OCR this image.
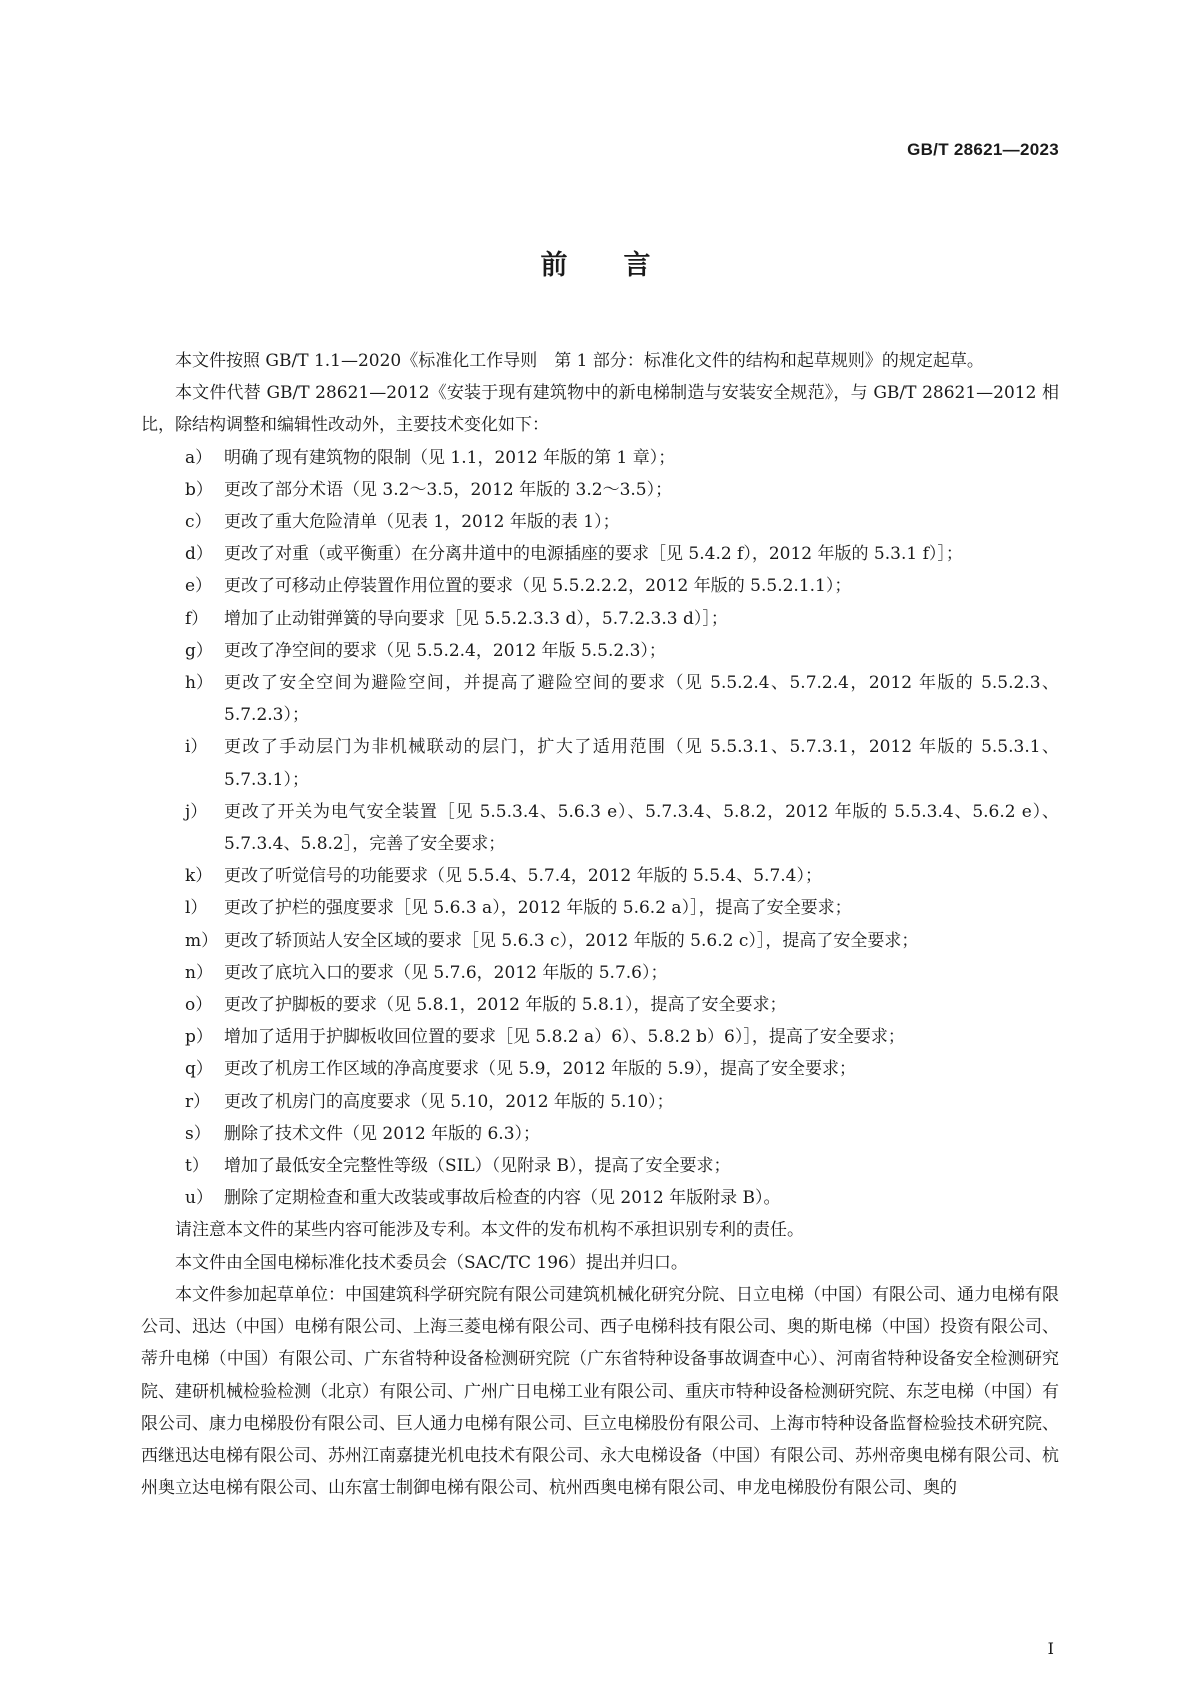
GB/T 28621—2023
前言

本文件按照 GB/T 1.1—2020《标准化工作导则　第 1 部分：标准化文件的结构和起草规则》的规定起草。

本文件代替 GB/T 28621—2012《安装于现有建筑物中的新电梯制造与安装安全规范》，与 GB/T 28621—2012 相比，除结构调整和编辑性改动外，主要技术变化如下：

a） 明确了现有建筑物的限制（见 1.1，2012 年版的第 1 章）；
b） 更改了部分术语（见 3.2～3.5，2012 年版的 3.2～3.5）；
c） 更改了重大危险清单（见表 1，2012 年版的表 1）；
d） 更改了对重（或平衡重）在分离井道中的电源插座的要求［见 5.4.2 f），2012 年版的 5.3.1 f）］；
e） 更改了可移动止停装置作用位置的要求（见 5.5.2.2.2，2012 年版的 5.5.2.1.1）；
f） 增加了止动钳弹簧的导向要求［见 5.5.2.3.3 d），5.7.2.3.3 d）］；
g） 更改了净空间的要求（见 5.5.2.4，2012 年版 5.5.2.3）；
h） 更改了安全空间为避险空间，并提高了避险空间的要求（见 5.5.2.4、5.7.2.4，2012 年版的 5.5.2.3、5.7.2.3）；
i） 更改了手动层门为非机械联动的层门，扩大了适用范围（见 5.5.3.1、5.7.3.1，2012 年版的 5.5.3.1、5.7.3.1）；
j） 更改了开关为电气安全装置［见 5.5.3.4、5.6.3 e）、5.7.3.4、5.8.2，2012 年版的 5.5.3.4、5.6.2 e）、5.7.3.4、5.8.2］，完善了安全要求；
k） 更改了听觉信号的功能要求（见 5.5.4、5.7.4，2012 年版的 5.5.4、5.7.4）；
l） 更改了护栏的强度要求［见 5.6.3 a），2012 年版的 5.6.2 a）］，提高了安全要求；
m） 更改了轿顶站人安全区域的要求［见 5.6.3 c），2012 年版的 5.6.2 c）］，提高了安全要求；
n） 更改了底坑入口的要求（见 5.7.6，2012 年版的 5.7.6）；
o） 更改了护脚板的要求（见 5.8.1，2012 年版的 5.8.1），提高了安全要求；
p） 增加了适用于护脚板收回位置的要求［见 5.8.2 a）6）、5.8.2 b）6）］，提高了安全要求；
q） 更改了机房工作区域的净高度要求（见 5.9，2012 年版的 5.9），提高了安全要求；
r） 更改了机房门的高度要求（见 5.10，2012 年版的 5.10）；
s） 删除了技术文件（见 2012 年版的 6.3）；
t） 增加了最低安全完整性等级（SIL）（见附录 B），提高了安全要求；
u） 删除了定期检查和重大改装或事故后检查的内容（见 2012 年版附录 B）。

请注意本文件的某些内容可能涉及专利。本文件的发布机构不承担识别专利的责任。

本文件由全国电梯标准化技术委员会（SAC/TC 196）提出并归口。

本文件参加起草单位：中国建筑科学研究院有限公司建筑机械化研究分院、日立电梯（中国）有限公司、通力电梯有限公司、迅达（中国）电梯有限公司、上海三菱电梯有限公司、西子电梯科技有限公司、奥的斯电梯（中国）投资有限公司、蒂升电梯（中国）有限公司、广东省特种设备检测研究院（广东省特种设备事故调查中心）、河南省特种设备安全检测研究院、建研机械检验检测（北京）有限公司、广州广日电梯工业有限公司、重庆市特种设备检测研究院、东芝电梯（中国）有限公司、康力电梯股份有限公司、巨人通力电梯有限公司、巨立电梯股份有限公司、上海市特种设备监督检验技术研究院、西继迅达电梯有限公司、苏州江南嘉捷光机电技术有限公司、永大电梯设备（中国）有限公司、苏州帝奥电梯有限公司、杭州奥立达电梯有限公司、山东富士制御电梯有限公司、杭州西奥电梯有限公司、申龙电梯股份有限公司、奥的

I
